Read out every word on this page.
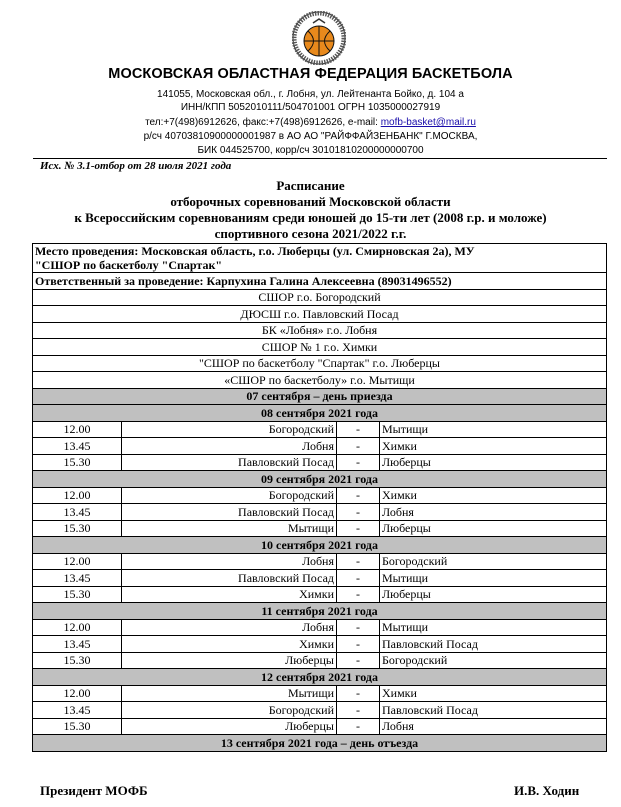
МОСКОВСКАЯ ОБЛАСТНАЯ ФЕДЕРАЦИЯ БАСКЕТБОЛА
141055, Московская обл., г. Лобня, ул. Лейтенанта Бойко, д. 104 а
ИНН/КПП 5052010111/504701001 ОГРН 1035000027919
тел:+7(498)6912626, факс:+7(498)6912626, e-mail: mofb-basket@mail.ru
р/сч 40703810900000001987 в АО АО "РАЙФФАЙЗЕНБАНК" Г.МОСКВА,
БИК 044525700, корр/сч 30101810200000000700
Исх. № 3.1-отбор от 28 июля 2021 года
Расписание
отборочных соревнований Московской области
к Всероссийским соревнованиям среди юношей до 15-ти лет (2008 г.р. и моложе)
спортивного сезона 2021/2022 г.г.
Место проведения: Московская область, г.о. Люберцы (ул. Смирновская 2а), МУ
"СШОР по баскетболу "Спартак"			

Ответственный за проведение: Карпухина Галина Алексеевна (89031496552)			
СШОР г.о. Богородский			
ДЮСШ г.о. Павловский Посад			
БК «Лобня» г.о. Лобня			
СШОР № 1 г.о. Химки			
"СШОР по баскетболу "Спартак" г.о. Люберцы			
«СШОР по баскетболу» г.о. Мытищи			
07 сентября – день приезда			
08 сентября 2021 года			
12.00	Богородский	-	Мытищи
13.45	Лобня	-	Химки
15.30	Павловский Посад	-	Люберцы
09 сентября 2021 года			
12.00	Богородский	-	Химки
13.45	Павловский Посад	-	Лобня
15.30	Мытищи	-	Люберцы
10 сентября 2021 года			
12.00	Лобня	-	Богородский
13.45	Павловский Посад	-	Мытищи
15.30	Химки	-	Люберцы
11 сентября 2021 года			
12.00	Лобня	-	Мытищи
13.45	Химки	-	Павловский Посад
15.30	Люберцы	-	Богородский
12 сентября 2021 года			
12.00	Мытищи	-	Химки
13.45	Богородский	-	Павловский Посад
15.30	Люберцы	-	Лобня
13 сентября 2021 года – день отъезда			
Президент МОФБ	И.В. Ходин
